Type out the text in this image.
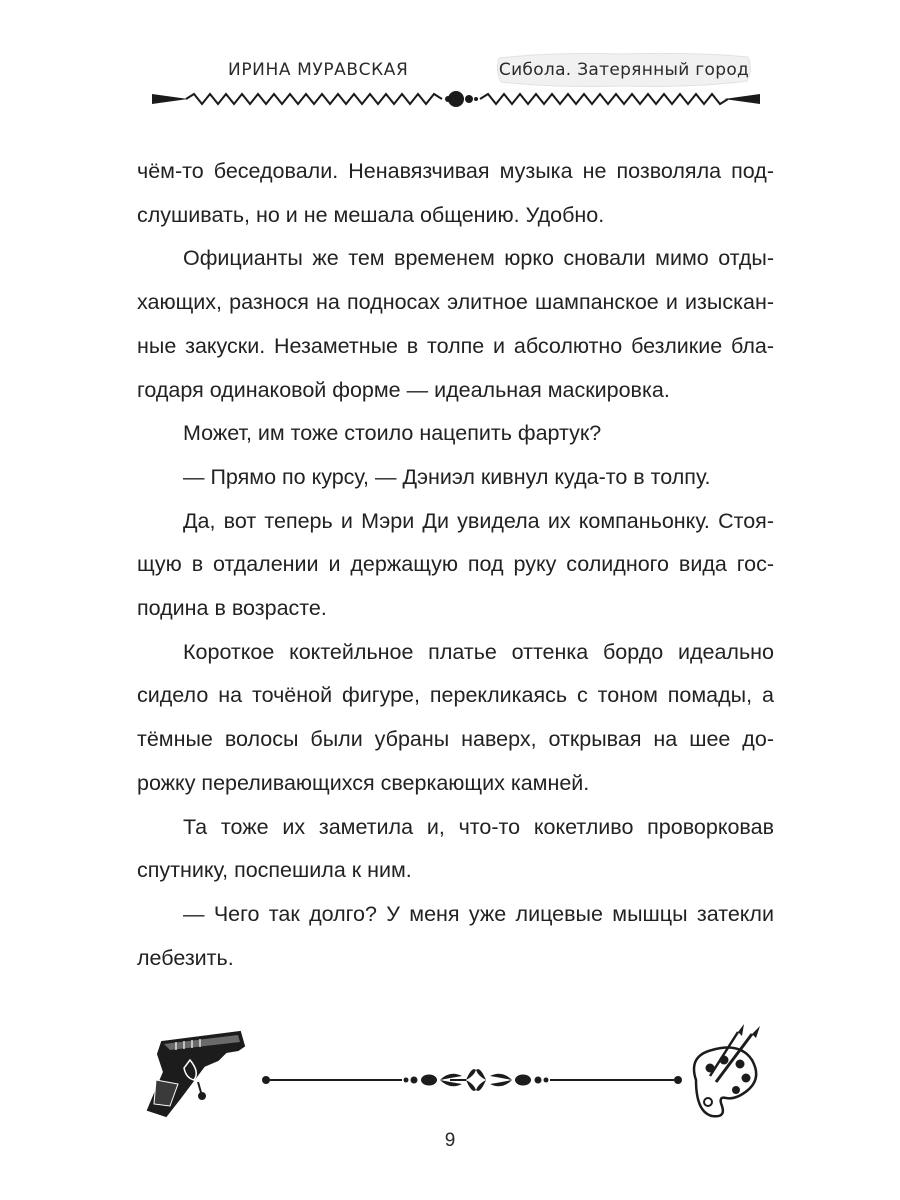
ИРИНА МУРАВСКАЯ	Сибола. Затерянный город

чём-то беседовали. Ненавязчивая музыка не позволяла подслушивать, но и не мешала общению. Удобно.

Официанты же тем временем юрко сновали мимо отдыхающих, разнося на подносах элитное шампанское и изысканные закуски. Незаметные в толпе и абсолютно безликие благодаря одинаковой форме — идеальная маскировка.

Может, им тоже стоило нацепить фартук?

— Прямо по курсу, — Дэниэл кивнул куда-то в толпу.

Да, вот теперь и Мэри Ди увидела их компаньонку. Стоящую в отдалении и держащую под руку солидного вида господина в возрасте.

Короткое коктейльное платье оттенка бордо идеально сидело на точёной фигуре, перекликаясь с тоном помады, а тёмные волосы были убраны наверх, открывая на шее дорожку переливающихся сверкающих камней.

Та тоже их заметила и, что-то кокетливо проворковав спутнику, поспешила к ним.

— Чего так долго? У меня уже лицевые мышцы затекли лебезить.

9
